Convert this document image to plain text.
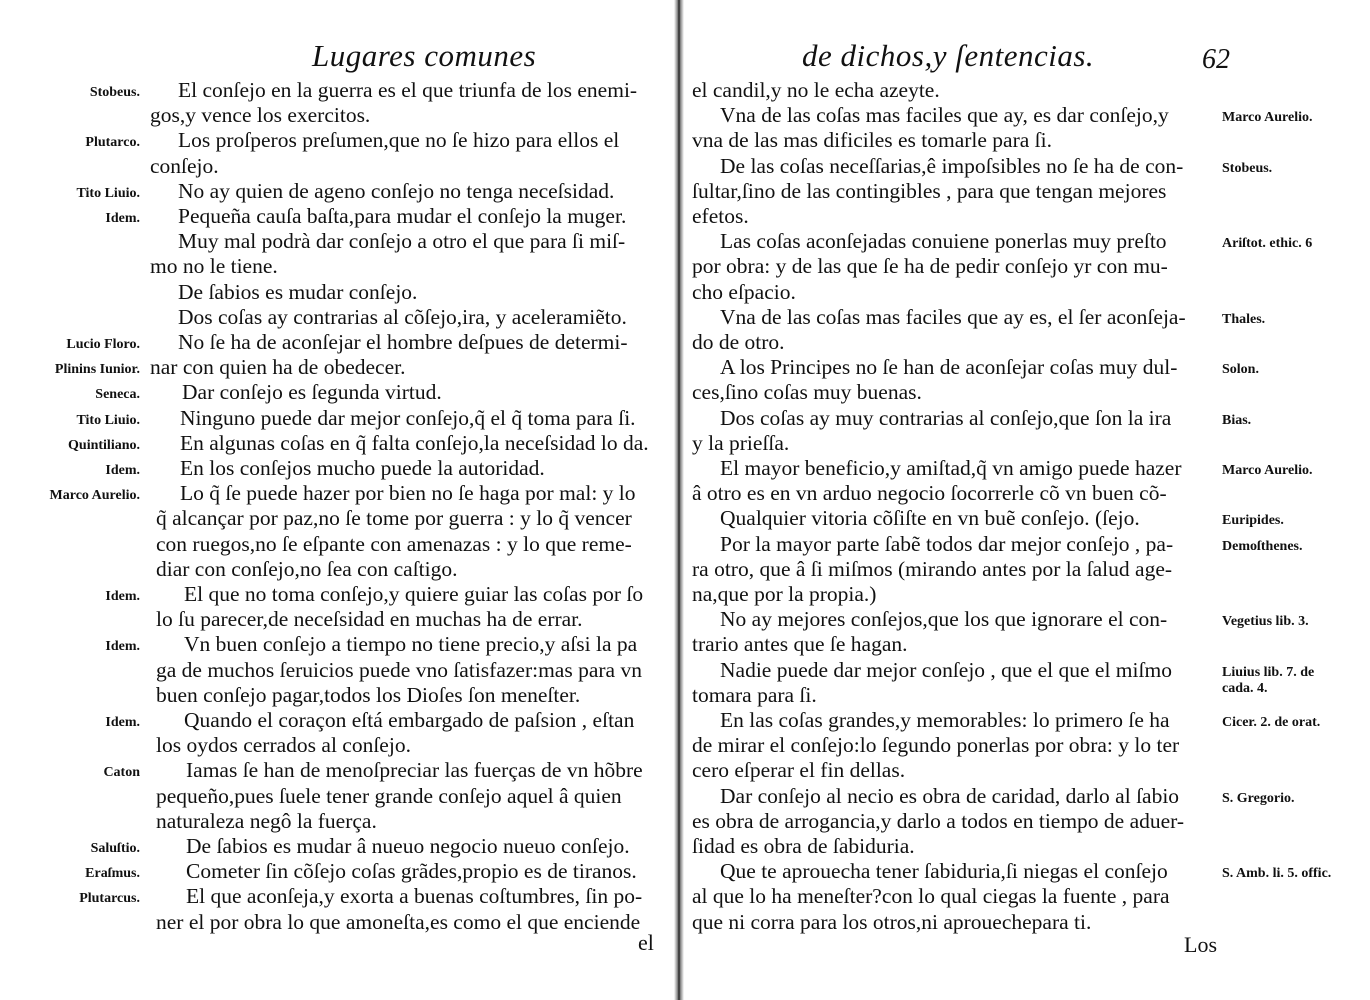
Lugares comunes
El conſejo en la guerra es el que triunfa de los enemi-
gos,y vence los exercitos.
Los proſperos preſumen,que no ſe hizo para ellos el
conſejo.
No ay quien de ageno conſejo no tenga neceſsidad.
Pequeña cauſa baſta,para mudar el conſejo la muger.
Muy mal podrà dar conſejo a otro el que para ſi miſ-
mo no le tiene.
De ſabios es mudar conſejo.
Dos coſas ay contrarias al cõſejo,ira, y aceleramiẽto.
No ſe ha de aconſejar el hombre deſpues de determi-
nar con quien ha de obedecer.
Dar conſejo es ſegunda virtud.
Ninguno puede dar mejor conſejo,q̃ el q̃ toma para ſi.
En algunas coſas en q̃ falta conſejo,la neceſsidad lo da.
En los conſejos mucho puede la autoridad.
Lo q̃ ſe puede hazer por bien no ſe haga por mal: y lo
q̃ alcançar por paz,no ſe tome por guerra : y lo q̃ vencer
con ruegos,no ſe eſpante con amenazas : y lo que reme-
diar con conſejo,no ſea con caſtigo.
El que no toma conſejo,y quiere guiar las coſas por ſo
lo ſu parecer,de neceſsidad en muchas ha de errar.
Vn buen conſejo a tiempo no tiene precio,y aſsi la pa
ga de muchos ſeruicios puede vno ſatisfazer:mas para vn
buen conſejo pagar,todos los Dioſes ſon meneſter.
Quando el coraçon eſtá embargado de paſsion , eſtan
los oydos cerrados al conſejo.
Iamas ſe han de menoſpreciar las fuerças de vn hõbre
pequeño,pues ſuele tener grande conſejo aquel â quien
naturaleza negô la fuerça.
De ſabios es mudar â nueuo negocio nueuo conſejo.
Cometer ſin cõſejo coſas grãdes,propio es de tiranos.
El que aconſeja,y exorta a buenas coſtumbres, ſin po-
ner el por obra lo que amoneſta,es como el que enciende
Stobeus.
Plutarco.
Tito Liuio.
Idem.
Lucio Floro.
Plinins Iunior.
Seneca.
Tito Liuio.
Quintiliano.
Idem.
Marco Aurelio.
Idem.
Idem.
Idem.
Caton
Saluſtio.
Eraſmus.
Plutarcus.
el
de dichos,y ſentencias.	62
el candil,y no le echa azeyte.
Vna de las coſas mas faciles que ay, es dar conſejo,y
vna de las mas dificiles es tomarle para ſi.
De las coſas neceſſarias,ê impoſsibles no ſe ha de con-
ſultar,ſino de las contingibles , para que tengan mejores
efetos.
Las coſas aconſejadas conuiene ponerlas muy preſto
por obra: y de las que ſe ha de pedir conſejo yr con mu-
cho eſpacio.
Vna de las coſas mas faciles que ay es, el ſer aconſeja-
do de otro.
A los Principes no ſe han de aconſejar coſas muy dul-
ces,ſino coſas muy buenas.
Dos coſas ay muy contrarias al conſejo,que ſon la ira
y la prieſſa.
El mayor beneficio,y amiſtad,q̃ vn amigo puede hazer
â otro es en vn arduo negocio ſocorrerle cõ vn buen cõ-
Qualquier vitoria cõſiſte en vn buẽ conſejo. (ſejo.
Por la mayor parte ſabẽ todos dar mejor conſejo , pa-
ra otro, que â ſi miſmos (mirando antes por la ſalud age-
na,que por la propia.)
No ay mejores conſejos,que los que ignorare el con-
trario antes que ſe hagan.
Nadie puede dar mejor conſejo , que el que el miſmo
tomara para ſi.
En las coſas grandes,y memorables: lo primero ſe ha
de mirar el conſejo:lo ſegundo ponerlas por obra: y lo ter
cero eſperar el fin dellas.
Dar conſejo al necio es obra de caridad, darlo al ſabio
es obra de arrogancia,y darlo a todos en tiempo de aduer-
ſidad es obra de ſabiduria.
Que te aprouecha tener ſabiduria,ſi niegas el conſejo
al que lo ha meneſter?con lo qual ciegas la fuente , para
que ni corra para los otros,ni aprouechepara ti.
Marco Aurelio.
Stobeus.
Ariſtot. ethic. 6
Thales.
Solon.
Bias.
Marco Aurelio.
Euripides.
Demoſthenes.
Vegetius lib. 3.
Liuius lib. 7. de
cada. 4.
Cicer. 2. de orat.
S. Gregorio.
S. Amb. li. 5. offic.
Los
